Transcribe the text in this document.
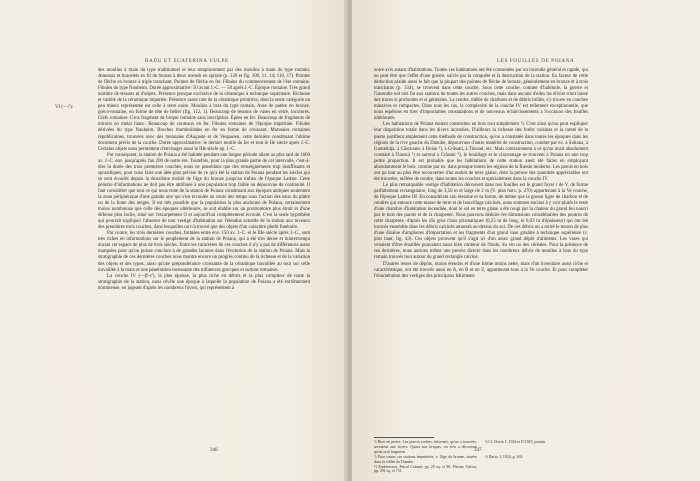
RADU ET ECATERINA VULPE
VI (—?):

des moulins à main du type traditionnel et leur remplacement par des moulins à main du type romain. Anneaux et bracelets en fil de bronze à deux noeuds en spirale (p. 330 et fig. 109, 11, 14; 110, 17). Pointes de flèche en bronze à triple tranchant. Pointes de flèche en fer. Fibules du commencement de l'ère romaine. Fibules du type Nauheim. Durée approximative: 50 avant J.-C. — 50 après J.-C. Époque romaine. Très grand nombre de tessons et d'objets. Présence presque exclusive de la céramique à technique supérieure. Richesse et variété de la céramique importée. Présence assez rare de la céramique primitive, dont la seule catégorie un peu mieux représentée est celle à terre noire. Moulins à bras du type romain. Anse de patère en bronze, gréco-romaine, en forme de tête de bélier (fig. 112, 1). Beaucoup de tessons de vases en verre, incolores. Clefs romaines. Gros fragment de brique romaine sans inscription. Épées en fer. Beaucoup de fragments de miroirs en métal blanc. Beaucoup de couteaux en fer. Fibules romaines de l'époque impériale. Fibules dérivées du type Nauheim. Broches rhomboïdales en fer en forme de croissant. Monnaies romaines républicaines, trouvées avec des monnaies d'Auguste et de Vespasien, cette dernière constituant l'ultime document précis de la couche. Durée approximative: le dernier moitié du Ier et tout le IIe siècle après J.-C. Certains objets nous permettent d'envisager aussi le IIIe siècle ap. J.-C.

Par conséquent, la station de Poiana a été habitée pendant une longue période allant au plus tard de 1600 av. J.-C. env. jusqu'après l'an 200 de notre ère. Toutefois, pour la plus grande partie de cet intervalle, c'est-à-dire la durée des trois premières couches, nous ne possédons que des renseignements trop insuffisants et sporadiques, pour nous faire une idée plus précise de ce qu'a été la station de Poiana pendant les siècles qui se sont écoulés depuis la deuxième moitié de l'âge du bronze jusqu'au milieu de l'époque Latène. Cette pénurie d'informations ne doit pas être attribuée à une population trop faible ou dépourvue de continuité. Il faut considérer que tout ce qui nous reste de la station de Poiana constituant aux époques antiques seulement la zone périphérique d'une grande aire qui s'est écroulée au cours des temps sous l'action des eaux du plâtre ou de la fonte des neiges. Il est très possible que la population la plus ancienne de Poiana, certainement moins nombreuse que celle des époques ultérieures, se soit établie sur un promontoire plus étroit et d'une défense plus facile, situé sur l'escarpement O et aujourd'hui complètement écroulé. C'est la seule hypothèse qui pourrait expliquer l'absence de tout vestige d'habitation sur l'étendue actuelle de la station aux niveaux des premières trois couches, dans lesquelles on n'a trouvé que des objets d'un caractère plutôt funéraire.

Par contre, les trois dernières couches, formées entre env. 150 av. J.-C. et le IIIe siècle après J.-C., sont très riches en informations sur le peuplement de la station de Poiana, qui a été très dense et ininterrompu durant cet espace de plus de trois siècles. Entre les caractères de ces couches il n'y a pas de différences assez marquées pour qu'on puisse conclure à de grandes lacunes dans l'évolution de la station de Poiana. Mais la stratigraphie de ces dernières couches nous montre encore un progrès continu de la richesse et de la variation des objets et des types, ainsi qu'une prépondérance croissante de la céramique travaillée au tour sur celle travaillée à la main et une pénétration incessante des influences grecques et surtout romaines.

La couche IV (—β'-ε'), la plus épaisse, la plus riche en débris et la plus complexe de toute la stratigraphie de la station, nous révèle une époque à laquelle la population de Poiana a été extrêmement nombreuse, en jugeant d'après les nombreux foyers, qui représentent à

346
LES FOUILLES DE POIANA

notre avis autant d'habitations. Toutes ces habitations ont été consumées par un incendie général et rapide, qui ne peut être que l'effet d'une guerre, suivie par la conquête et la destruction de la station. En faveur de cette déduction plaide aussi le fait que la plupart des pointes de flèche de bronze, généralement en bronze et à trois tranchants (p. 334), se trouvent dans cette couche. Sous cette couche, comme d'habitude, la guerre et l'incendie ont mis fin aux stations de toutes les autres couches, mais dans aucune d'elles les élixirs n'ont laissé des traces si profondes et si générales. La cendre, mêlée de charbons et de débris brûlés, s'y trouve en couches massives et compactes. Dans tous les cas, la complexité de la couche IV est tellement exceptionnelle, que nous espérons en tirer d'importantes constatations et de nouveaux éclaircissements à l'occasion des fouilles ultérieures.

Les habitations de Poiana étaient construites en bois tout simplement ¹). C'est ainsi qu'on peut expliquer leur disparition totale dans les divers incendies. D'ailleurs la richesse des forêts voisines et la rareté de la pierre justifient amplement cette méthode de construction, qu'on a constatée dans toutes les époques dans les régions de la rive gauche du Danube, dépourvues d'autre matériel de construction, comme par ex. à Sultana, à Gumelnița, à Căscioare, à Boian ²), à Crăsani, à Tinosul, etc. Mais contrairement à ce qu'on avait absolument constaté à Tinosul ³) et surtout à Crăsani ⁴), le bouillage et le clayonnage se trouvent à Poiana en une trop petite proportion. Il est probable que les habitations de cette station aient été faites en employant abondamment le bois, comme par ex. dans presque toutes les régions de la Russie moderne. Les parois en bois ont pu tout au plus être recouvertes d'un enduit de terre glaise, dont la preuve des quantités appréciables ont été trouvées, mêlées de cendre, dans toutes les couches et spécialement dans la couche IV.

Le plus remarquable vestige d'habitation découvert dans nos fouilles est le grand foyer i de Y, de forme parfaitement rectangulaire, long de 3,50 m et large de 2 m (V. plan hors. p. 270) appartenant à la Ve couche, de l'époque Latène III. En considérant son étendue et sa forme, de même que la grosse ligne de charbon et de cendres qui entoure cette masse de terre et de bouvillage calcinés, nous sommes enclins à y voir plutôt le reste d'une chambre d'habitation incendiée, dont le sol en terre glaise a été rougi par la chaleur du grand feu nourri par le bois des parois et de la charpente. Nous pouvons déduire les dimensions considérables des poutres de cette charpente, d'après les dix gros clous prismatiques (0,25 m de long, et 0,03 m d'épaisseur) qui ont été trouvés ensemble dans les débris calcinés amassés au-dessus du sol. De ces débris on a retiré le tesson de plus d'une dizaine d'amphores d'importation et les fragments d'un grand vase grisâtre à technique supérieure (v. plus haut, fig. 43). Ces objets prouvent qu'il s'agit ici d'un assez grand dépôt d'aliments. Les vases qui venaient d'être émaillés pouvaient aussi bien contenir de l'huile, du vin ou des céréales. Pour la présence de ces dernières, nous aurions même une preuve directe dans les nombreux débris de moulins à bras du type romain trouvés tout autour du grand rectangle calciné.

D'autres restes de dépôts, moins étendus et d'une forme moins nette, mais d'un inventaire aussi riche et caractéristique, ont été trouvés aussi en A, en B et en Z, appartenant tous à la Ve couche. Et pour compléter l'énumération des vestiges des principaux bâtiments

¹) Rien en pierre. Les pierres isolées, informes, qu'on a trouvées, servaient aux foyers. Quant aux briques, on n'en a découvert qu'un seul fragment.
³) Cf. Dacia, I, 1924 et II 1925, passim.
²) Pour toutes ces stations énumérées, v. l'âge du bronze, situées dans la vallée du Danube.
⁴) Dacia, I, 1924, p. 163.
⁵) Andriesescu, Piscul Crăsani, pp. 25 sq. et 96; Pârvan, Getica, pp. 291 sq. et 731.
347
